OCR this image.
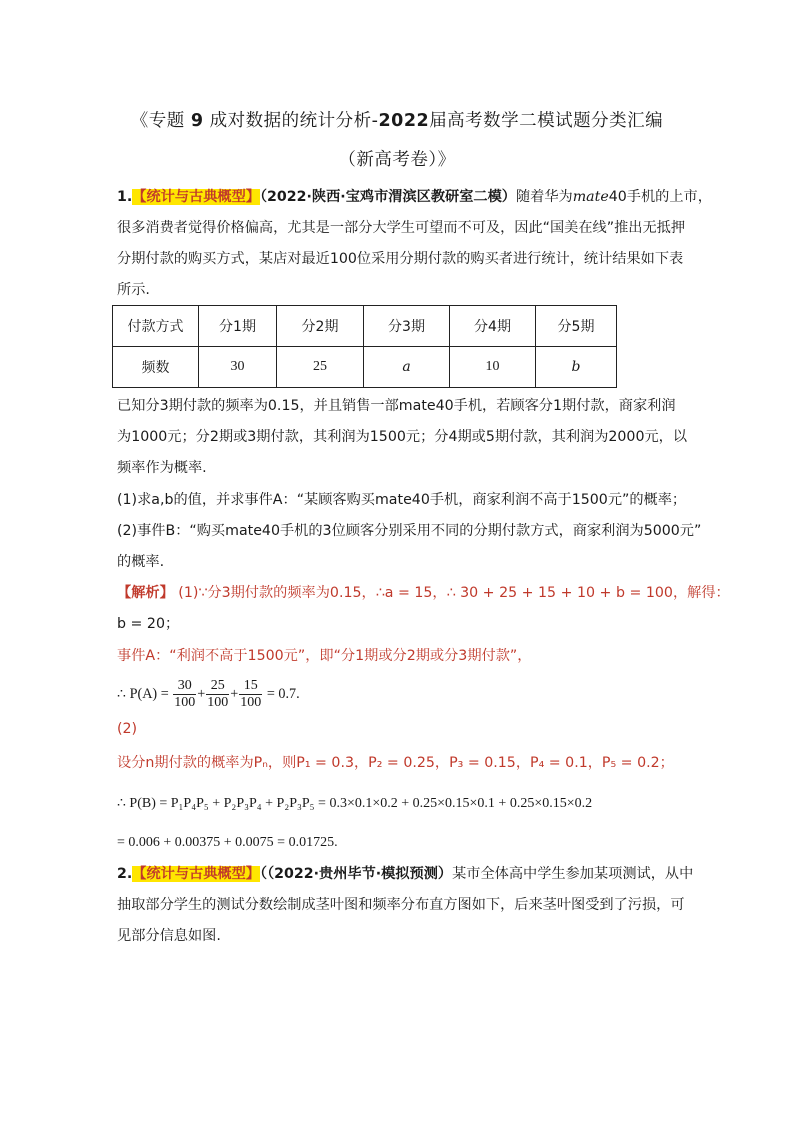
《专题 9 成对数据的统计分析-2022届高考数学二模试题分类汇编
（新高考卷）》
1.【统计与古典概型】（2022·陕西·宝鸡市渭滨区教研室二模）随着华为mate40手机的上市，
很多消费者觉得价格偏高，尤其是一部分大学生可望而不可及，因此“国美在线”推出无抵押
分期付款的购买方式，某店对最近100位采用分期付款的购买者进行统计，统计结果如下表
所示.
付款方式	分1期	分2期	分3期	分4期	分5期
频数	30	25	a	10	b
已知分3期付款的频率为0.15，并且销售一部mate40手机，若顾客分1期付款，商家利润
为1000元；分2期或3期付款，其利润为1500元；分4期或5期付款，其利润为2000元，以
频率作为概率.
(1)求a,b的值，并求事件A：“某顾客购买mate40手机，商家利润不高于1500元”的概率；
(2)事件B：“购买mate40手机的3位顾客分别采用不同的分期付款方式，商家利润为5000元”
的概率.
【解析】 (1)∵分3期付款的频率为0.15，∴a = 15，∴ 30 + 25 + 15 + 10 + b = 100，解得：
b = 20；
事件A：“利润不高于1500元”，即“分1期或分2期或分3期付款”，
∴ $P(A) = \frac{30}{100} + \frac{25}{100} + \frac{15}{100} = 0.7$.
(2)
设分n期付款的概率为Pₙ，则P₁ = 0.3，P₂ = 0.25，P₃ = 0.15，P₄ = 0.1，P₅ = 0.2；
∴ P(B) = P₁P₄P₅ + P₂P₃P₄ + P₂P₃P₅ = 0.3×0.1×0.2 + 0.25×0.15×0.1 + 0.25×0.15×0.2
= 0.006 + 0.00375 + 0.0075 = 0.01725.
2.【统计与古典概型】（（2022·贵州毕节·模拟预测）某市全体高中学生参加某项测试，从中
抽取部分学生的测试分数绘制成茎叶图和频率分布直方图如下，后来茎叶图受到了污损，可
见部分信息如图.
